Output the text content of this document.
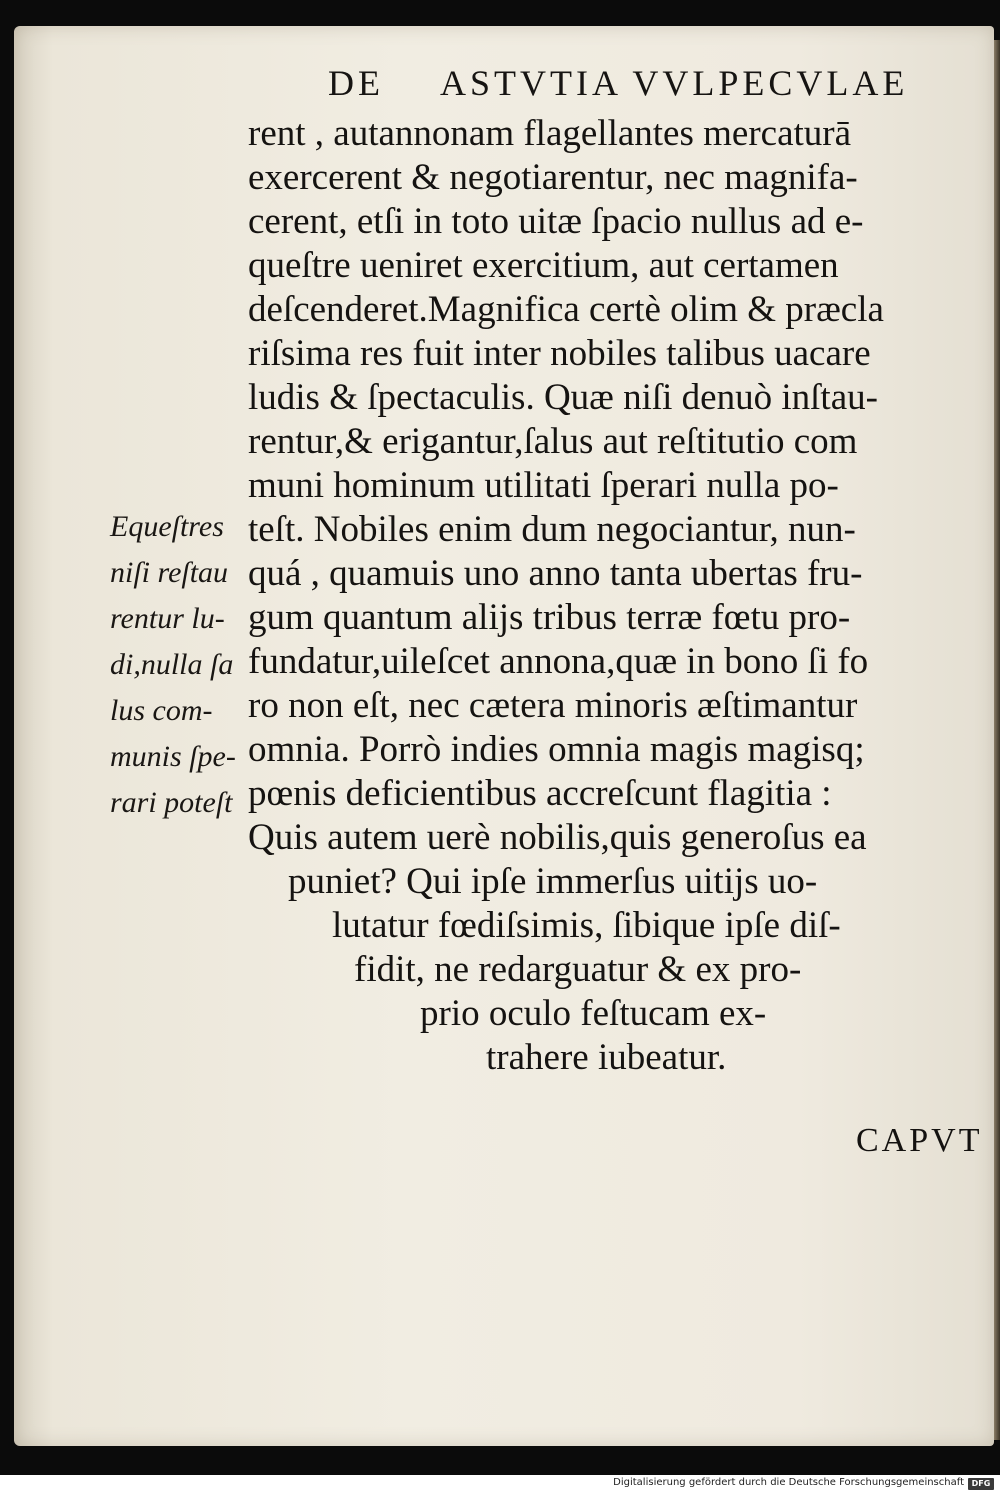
DE ASTVTIA VVLPECVLAE
Equeſtres
niſi reſtau
rentur lu-
di,nulla ſa
lus com-
munis ſpe-
rari poteſt
rent , autannonam flagellantes mercaturā
exercerent & negotiarentur, nec magnifa-
cerent, etſi in toto uitæ ſpacio nullus ad e-
queſtre ueniret exercitium, aut certamen
deſcenderet.Magnifica certè olim & præcla
riſsima res fuit inter nobiles talibus uacare
ludis & ſpectaculis. Quæ niſi denuò inſtau-
rentur,& erigantur,ſalus aut reſtitutio com
muni hominum utilitati ſperari nulla po-
teſt. Nobiles enim dum negociantur, nun-
quá , quamuis uno anno tanta ubertas fru-
gum quantum alijs tribus terræ fœtu pro-
fundatur,uileſcet annona,quæ in bono ſi fo
ro non eſt, nec cætera minoris æſtimantur
omnia. Porrò indies omnia magis magisq;
pœnis deficientibus accreſcunt flagitia :
Quis autem uerè nobilis,quis generoſus ea
puniet? Qui ipſe immerſus uitijs uo-
lutatur fœdiſsimis, ſibique ipſe diſ-
fidit, ne redarguatur & ex pro-
prio oculo feſtucam ex-
trahere iubeatur.
CAPVT
Digitalisierung gefördert durch die Deutsche Forschungsgemeinschaft DFG
